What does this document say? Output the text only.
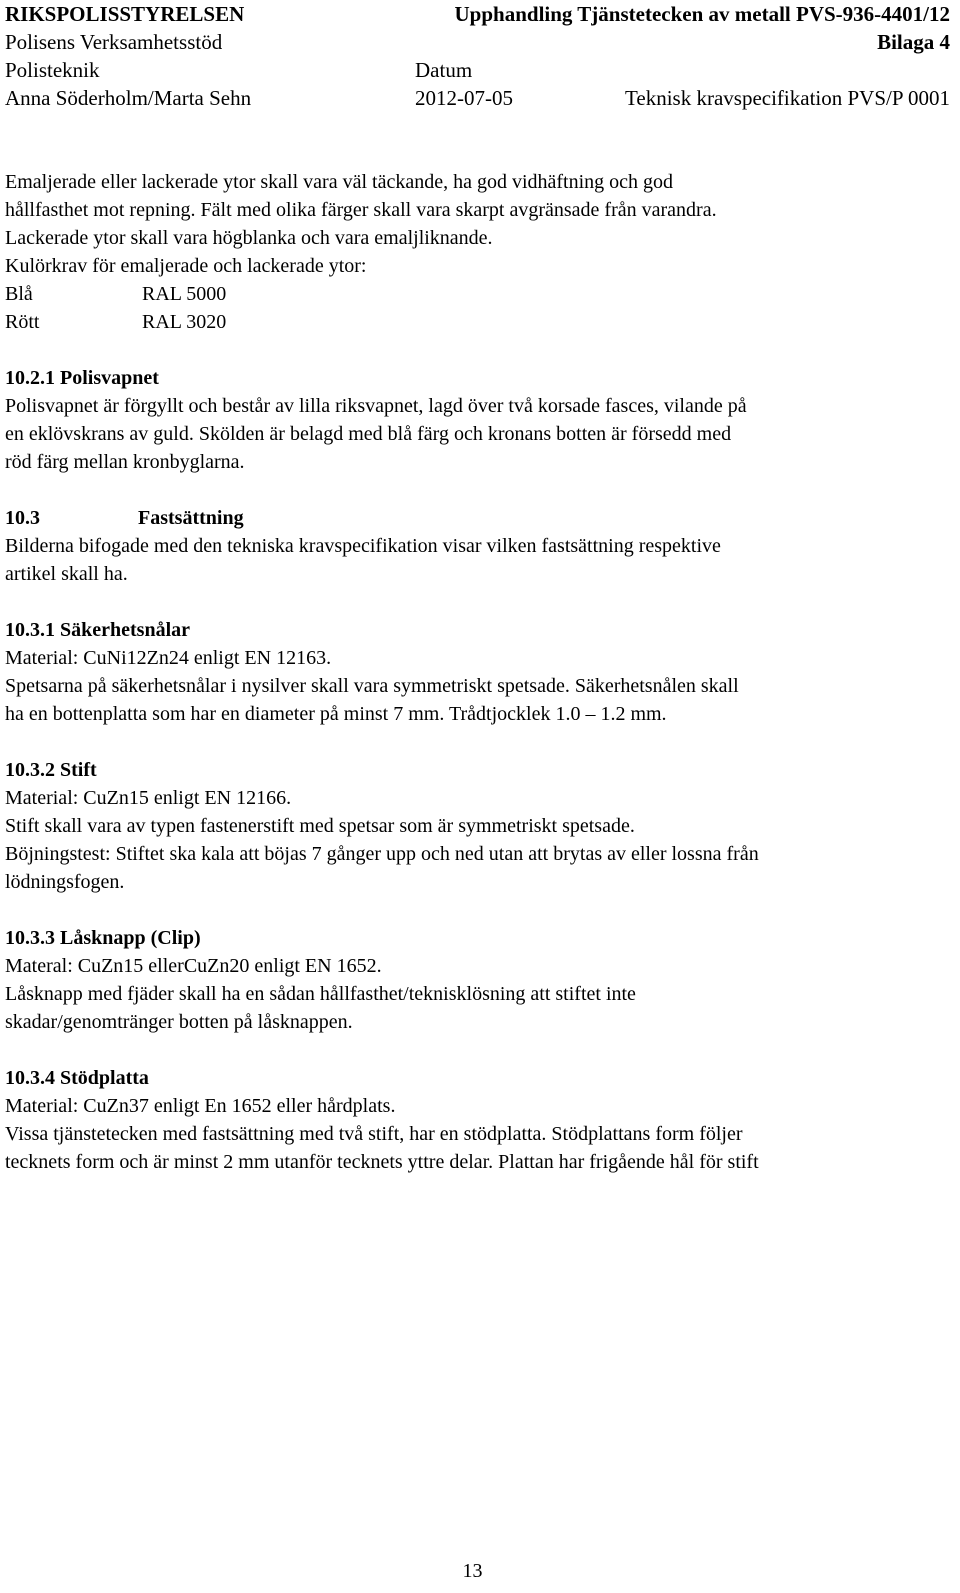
RIKSPOLISSTYRELSEN	Upphandling Tjänstetecken av metall PVS-936-4401/12
Polisens Verksamhetsstöd	Bilaga 4
Polisteknik	Datum
Anna Söderholm/Marta Sehn	2012-07-05	Teknisk kravspecifikation PVS/P 0001

Emaljerade eller lackerade ytor skall vara väl täckande, ha god vidhäftning och god

hållfasthet mot repning. Fält med olika färger skall vara skarpt avgränsade från varandra.

Lackerade ytor skall vara högblanka och vara emaljliknande.

Kulörkrav för emaljerade och lackerade ytor:

Blå	RAL 5000
Rött	RAL 3020

10.2.1 Polisvapnet

Polisvapnet är förgyllt och består av lilla riksvapnet, lagd över två korsade fasces, vilande på

en eklövskrans av guld. Skölden är belagd med blå färg och kronans botten är försedd med

röd färg mellan kronbyglarna.

10.3	Fastsättning

Bilderna bifogade med den tekniska kravspecifikation visar vilken fastsättning respektive

artikel skall ha.

10.3.1 Säkerhetsnålar

Material: CuNi12Zn24 enligt EN 12163.

Spetsarna på säkerhetsnålar i nysilver skall vara symmetriskt spetsade. Säkerhetsnålen skall

ha en bottenplatta som har en diameter på minst 7 mm. Trådtjocklek 1.0 – 1.2 mm.

10.3.2 Stift

Material: CuZn15 enligt EN 12166.

Stift skall vara av typen fastenerstift med spetsar som är symmetriskt spetsade.

Böjningstest: Stiftet ska kala att böjas 7 gånger upp och ned utan att brytas av eller lossna från

lödningsfogen.

10.3.3 Låsknapp (Clip)

Materal: CuZn15 ellerCuZn20 enligt EN 1652.

Låsknapp med fjäder skall ha en sådan hållfasthet/teknisklösning att stiftet inte

skadar/genomtränger botten på låsknappen.

10.3.4 Stödplatta

Material: CuZn37 enligt En 1652 eller hårdplats.

Vissa tjänstetecken med fastsättning med två stift, har en stödplatta. Stödplattans form följer

tecknets form och är minst 2 mm utanför tecknets yttre delar. Plattan har frigående hål för stift

13
